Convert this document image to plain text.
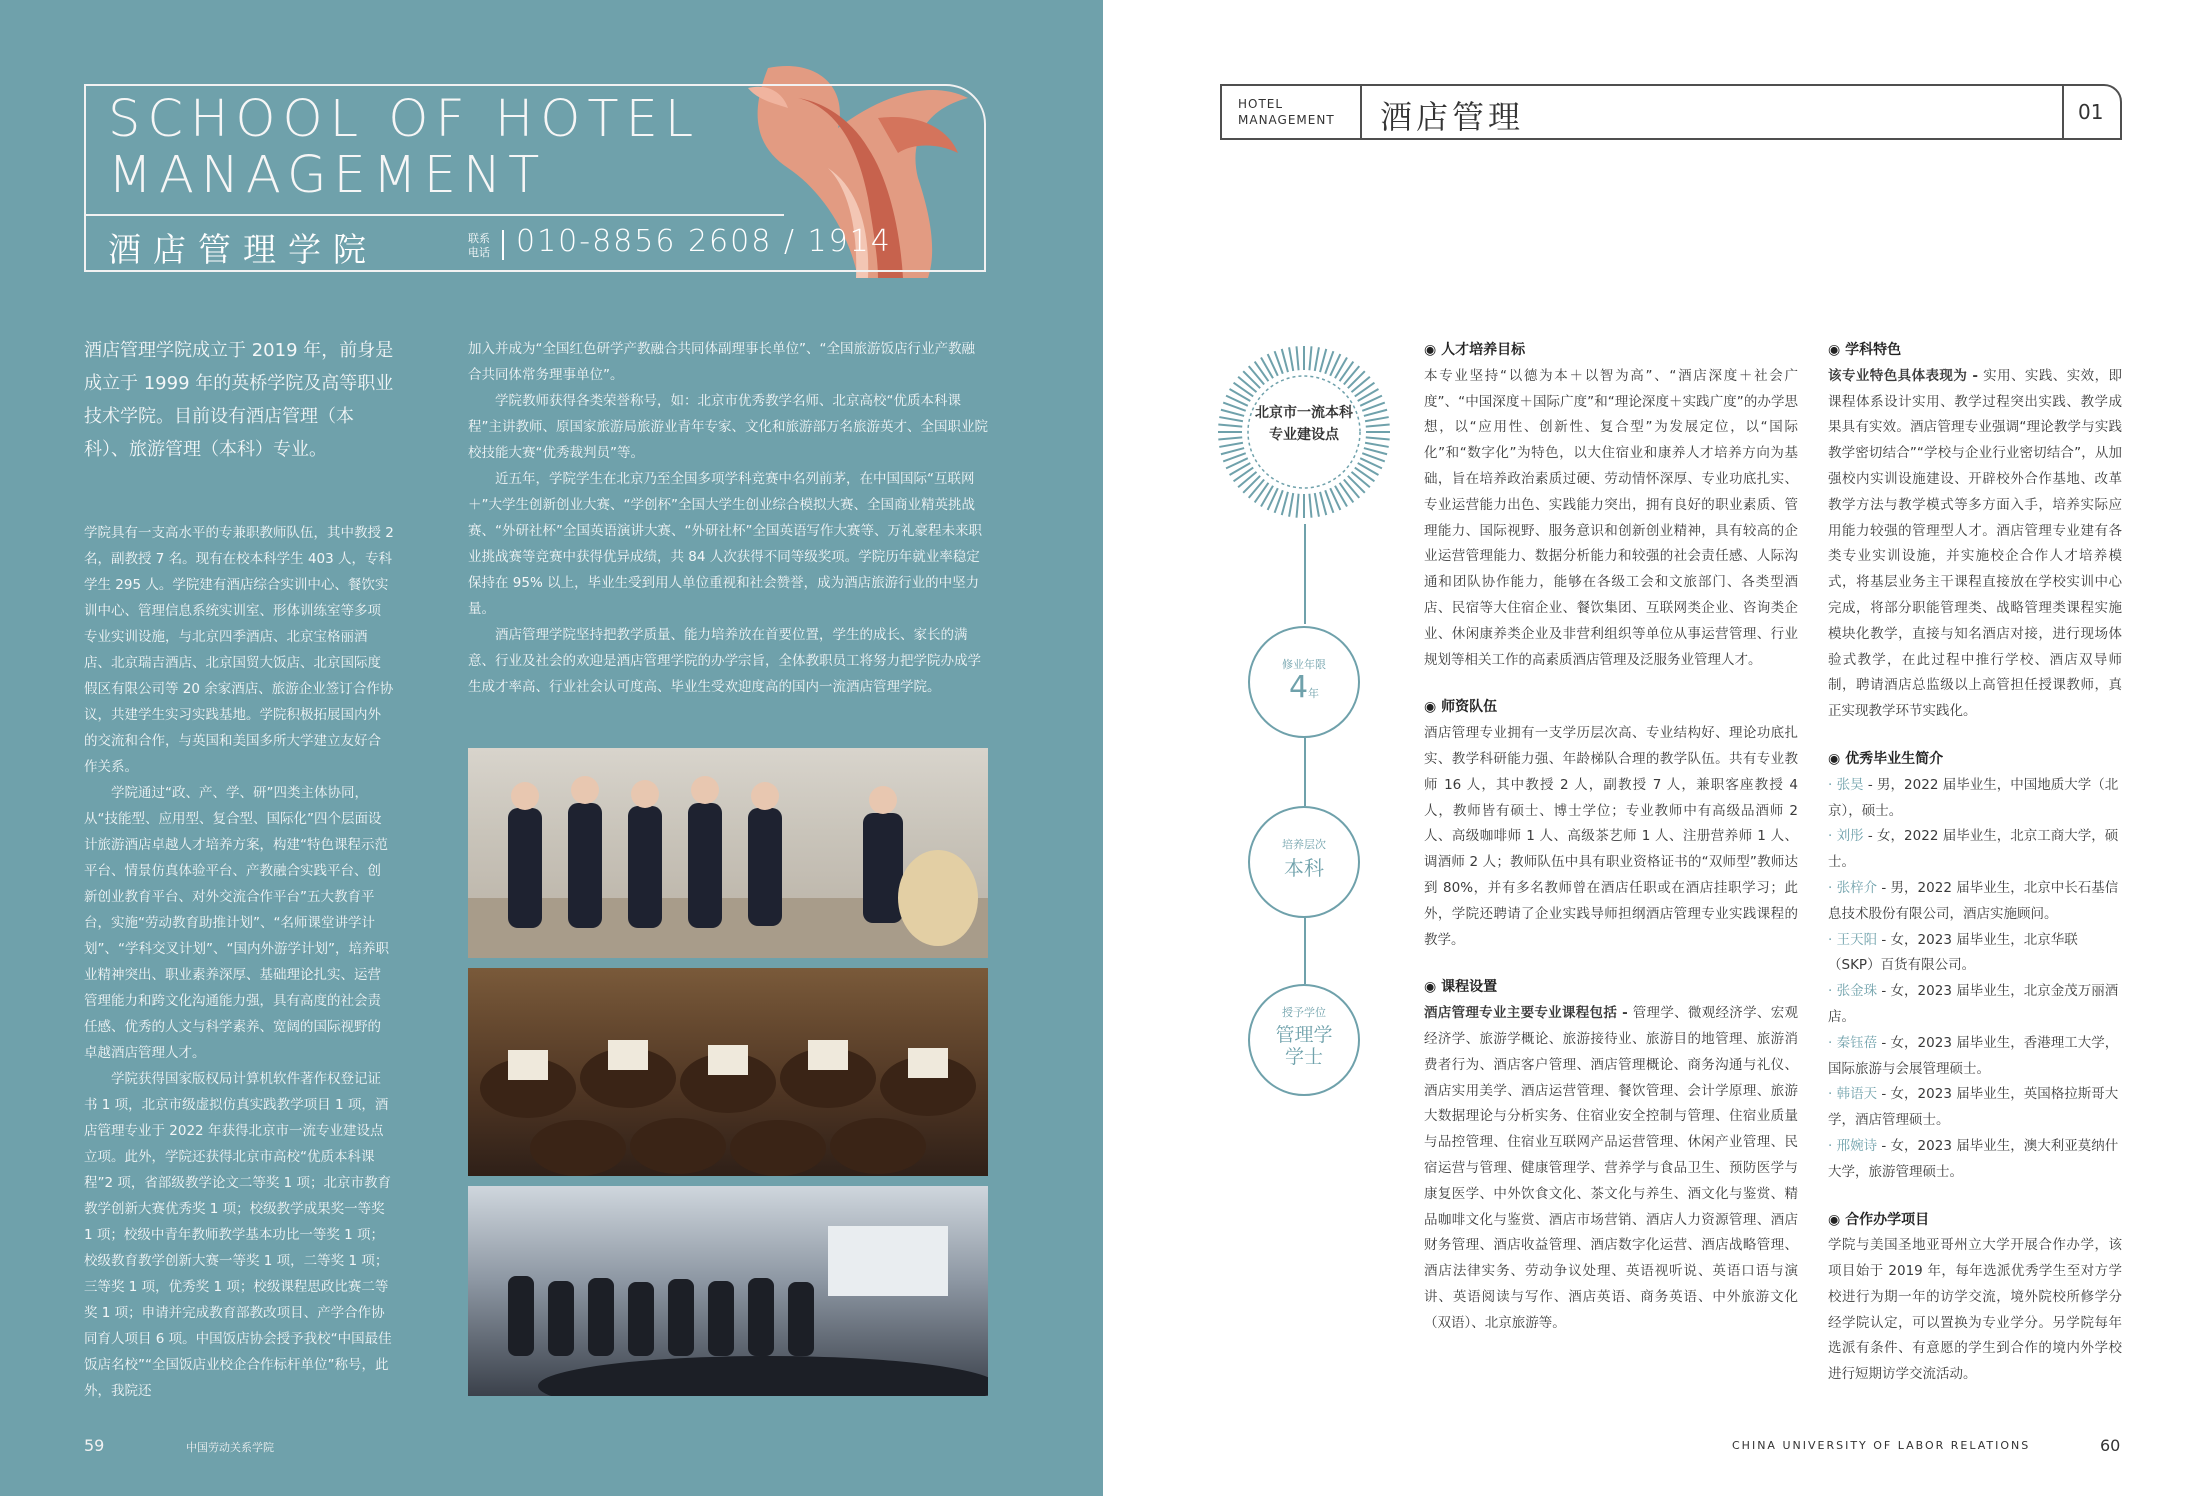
SCHOOL OF HOTEL MANAGEMENT
酒店管理学院	联系电话 010-8856 2608 / 1914
酒店管理学院成立于 2019 年，前身是成立于 1999 年的英桥学院及高等职业技术学院。目前设有酒店管理（本科）、旅游管理（本科）专业。

学院具有一支高水平的专兼职教师队伍，其中教授 2 名，副教授 7 名。现有在校本科学生 403 人，专科学生 295 人。学院建有酒店综合实训中心、餐饮实训中心、管理信息系统实训室、形体训练室等多项专业实训设施，与北京四季酒店、北京宝格丽酒店、北京瑞吉酒店、北京国贸大饭店、北京国际度假区有限公司等 20 余家酒店、旅游企业签订合作协议，共建学生实习实践基地。学院积极拓展国内外的交流和合作，与英国和美国多所大学建立友好合作关系。

学院通过“政、产、学、研”四类主体协同，从“技能型、应用型、复合型、国际化”四个层面设计旅游酒店卓越人才培养方案，构建“特色课程示范平台、情景仿真体验平台、产教融合实践平台、创新创业教育平台、对外交流合作平台”五大教育平台，实施“劳动教育助推计划”、“名师课堂讲学计划”、“学科交叉计划”、“国内外游学计划”，培养职业精神突出、职业素养深厚、基础理论扎实、运营管理能力和跨文化沟通能力强，具有高度的社会责任感、优秀的人文与科学素养、宽阔的国际视野的卓越酒店管理人才。

学院获得国家版权局计算机软件著作权登记证书 1 项，北京市级虚拟仿真实践教学项目 1 项，酒店管理专业于 2022 年获得北京市一流专业建设点立项。此外，学院还获得北京市高校“优质本科课程”2 项，省部级教学论文二等奖 1 项；北京市教育教学创新大赛优秀奖 1 项；校级教学成果奖一等奖 1 项；校级中青年教师教学基本功比一等奖 1 项；校级教育教学创新大赛一等奖 1 项，二等奖 1 项；三等奖 1 项，优秀奖 1 项；校级课程思政比赛二等奖 1 项；申请并完成教育部教改项目、产学合作协同育人项目 6 项。中国饭店协会授予我校“中国最佳饭店名校”“全国饭店业校企合作标杆单位”称号，此外，我院还

加入并成为“全国红色研学产教融合共同体副理事长单位”、“全国旅游饭店行业产教融合共同体常务理事单位”。

学院教师获得各类荣誉称号，如：北京市优秀教学名师、北京高校“优质本科课程”主讲教师、原国家旅游局旅游业青年专家、文化和旅游部万名旅游英才、全国职业院校技能大赛“优秀裁判员”等。

近五年，学院学生在北京乃至全国多项学科竞赛中名列前茅，在中国国际“互联网＋”大学生创新创业大赛、“学创杯”全国大学生创业综合模拟大赛、全国商业精英挑战赛、“外研社杯”全国英语演讲大赛、“外研社杯”全国英语写作大赛等、万礼豪程未来职业挑战赛等竞赛中获得优异成绩，共 84 人次获得不同等级奖项。学院历年就业率稳定保持在 95% 以上，毕业生受到用人单位重视和社会赞誉，成为酒店旅游行业的中坚力量。

酒店管理学院坚持把教学质量、能力培养放在首要位置，学生的成长、家长的满意、行业及社会的欢迎是酒店管理学院的办学宗旨，全体教职员工将努力把学院办成学生成才率高、行业社会认可度高、毕业生受欢迎度高的国内一流酒店管理学院。

59	中国劳动关系学院
HOTEL MANAGEMENT	酒店管理	01
北京市一流本科专业建设点
修业年限
4年
培养层次
本科
授予学位
管理学学士

◉ 人才培养目标

本专业坚持“以德为本＋以智为高”、“酒店深度＋社会广度”、“中国深度＋国际广度”和“理论深度＋实践广度”的办学思想，以“应用性、创新性、复合型”为发展定位，以“国际化”和“数字化”为特色，以大住宿业和康养人才培养方向为基础，旨在培养政治素质过硬、劳动情怀深厚、专业功底扎实、专业运营能力出色、实践能力突出，拥有良好的职业素质、管理能力、国际视野、服务意识和创新创业精神，具有较高的企业运营管理能力、数据分析能力和较强的社会责任感、人际沟通和团队协作能力，能够在各级工会和文旅部门、各类型酒店、民宿等大住宿企业、餐饮集团、互联网类企业、咨询类企业、休闲康养类企业及非营利组织等单位从事运营管理、行业规划等相关工作的高素质酒店管理及泛服务业管理人才。

◉ 师资队伍

酒店管理专业拥有一支学历层次高、专业结构好、理论功底扎实、教学科研能力强、年龄梯队合理的教学队伍。共有专业教师 16 人，其中教授 2 人，副教授 7 人，兼职客座教授 4 人，教师皆有硕士、博士学位；专业教师中有高级品酒师 2 人、高级咖啡师 1 人、高级茶艺师 1 人、注册营养师 1 人、调酒师 2 人；教师队伍中具有职业资格证书的“双师型”教师达到 80%，并有多名教师曾在酒店任职或在酒店挂职学习；此外，学院还聘请了企业实践导师担纲酒店管理专业实践课程的教学。

◉ 课程设置

酒店管理专业主要专业课程包括 - 管理学、微观经济学、宏观经济学、旅游学概论、旅游接待业、旅游目的地管理、旅游消费者行为、酒店客户管理、酒店管理概论、商务沟通与礼仪、酒店实用美学、酒店运营管理、餐饮管理、会计学原理、旅游大数据理论与分析实务、住宿业安全控制与管理、住宿业质量与品控管理、住宿业互联网产品运营管理、休闲产业管理、民宿运营与管理、健康管理学、营养学与食品卫生、预防医学与康复医学、中外饮食文化、茶文化与养生、酒文化与鉴赏、精品咖啡文化与鉴赏、酒店市场营销、酒店人力资源管理、酒店财务管理、酒店收益管理、酒店数字化运营、酒店战略管理、酒店法律实务、劳动争议处理、英语视听说、英语口语与演讲、英语阅读与写作、酒店英语、商务英语、中外旅游文化（双语）、北京旅游等。

◉ 学科特色

该专业特色具体表现为 - 实用、实践、实效，即课程体系设计实用、教学过程突出实践、教学成果具有实效。酒店管理专业强调“理论教学与实践教学密切结合”“学校与企业行业密切结合”，从加强校内实训设施建设、开辟校外合作基地、改革教学方法与教学模式等多方面入手，培养实际应用能力较强的管理型人才。酒店管理专业建有各类专业实训设施，并实施校企合作人才培养模式，将基层业务主干课程直接放在学校实训中心完成，将部分职能管理类、战略管理类课程实施模块化教学，直接与知名酒店对接，进行现场体验式教学，在此过程中推行学校、酒店双导师制，聘请酒店总监级以上高管担任授课教师，真正实现教学环节实践化。

◉ 优秀毕业生简介

· 张昊 - 男，2022 届毕业生，中国地质大学（北京），硕士。

· 刘彤 - 女，2022 届毕业生，北京工商大学，硕士。

· 张梓介 - 男，2022 届毕业生，北京中长石基信息技术股份有限公司，酒店实施顾问。

· 王天阳 - 女，2023 届毕业生，北京华联（SKP）百货有限公司。

· 张金珠 - 女，2023 届毕业生，北京金茂万丽酒店。

· 秦钰蓓 - 女，2023 届毕业生，香港理工大学，国际旅游与会展管理硕士。

· 韩语天 - 女，2023 届毕业生，英国格拉斯哥大学，酒店管理硕士。

· 邢婉诗 - 女，2023 届毕业生，澳大利亚莫纳什大学，旅游管理硕士。

◉ 合作办学项目

学院与美国圣地亚哥州立大学开展合作办学，该项目始于 2019 年，每年选派优秀学生至对方学校进行为期一年的访学交流，境外院校所修学分经学院认定，可以置换为专业学分。另学院每年选派有条件、有意愿的学生到合作的境内外学校进行短期访学交流活动。

CHINA UNIVERSITY OF LABOR RELATIONS	60
